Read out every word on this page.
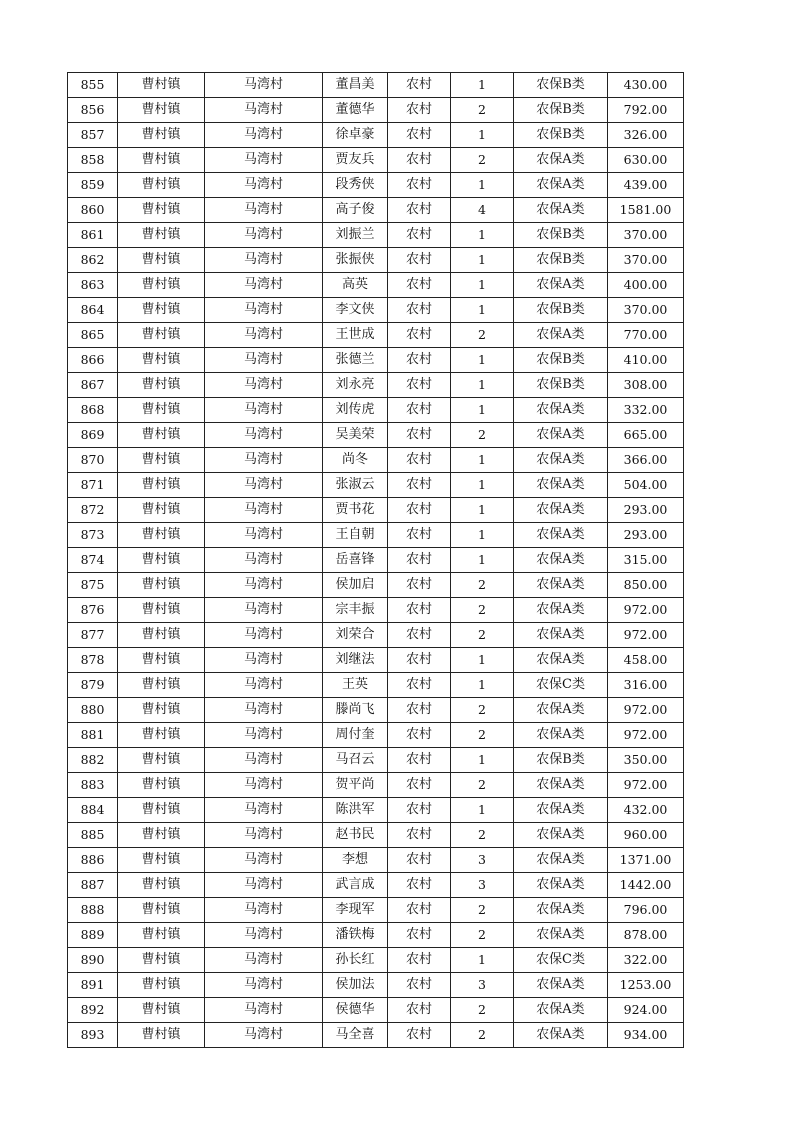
855	曹村镇	马湾村	董昌美	农村	1	农保B类	430.00
856	曹村镇	马湾村	董德华	农村	2	农保B类	792.00
857	曹村镇	马湾村	徐卓豪	农村	1	农保B类	326.00
858	曹村镇	马湾村	贾友兵	农村	2	农保A类	630.00
859	曹村镇	马湾村	段秀侠	农村	1	农保A类	439.00
860	曹村镇	马湾村	高子俊	农村	4	农保A类	1581.00
861	曹村镇	马湾村	刘振兰	农村	1	农保B类	370.00
862	曹村镇	马湾村	张振侠	农村	1	农保B类	370.00
863	曹村镇	马湾村	高英	农村	1	农保A类	400.00
864	曹村镇	马湾村	李文侠	农村	1	农保B类	370.00
865	曹村镇	马湾村	王世成	农村	2	农保A类	770.00
866	曹村镇	马湾村	张德兰	农村	1	农保B类	410.00
867	曹村镇	马湾村	刘永亮	农村	1	农保B类	308.00
868	曹村镇	马湾村	刘传虎	农村	1	农保A类	332.00
869	曹村镇	马湾村	吴美荣	农村	2	农保A类	665.00
870	曹村镇	马湾村	尚冬	农村	1	农保A类	366.00
871	曹村镇	马湾村	张淑云	农村	1	农保A类	504.00
872	曹村镇	马湾村	贾书花	农村	1	农保A类	293.00
873	曹村镇	马湾村	王自朝	农村	1	农保A类	293.00
874	曹村镇	马湾村	岳喜锋	农村	1	农保A类	315.00
875	曹村镇	马湾村	侯加启	农村	2	农保A类	850.00
876	曹村镇	马湾村	宗丰振	农村	2	农保A类	972.00
877	曹村镇	马湾村	刘荣合	农村	2	农保A类	972.00
878	曹村镇	马湾村	刘继法	农村	1	农保A类	458.00
879	曹村镇	马湾村	王英	农村	1	农保C类	316.00
880	曹村镇	马湾村	滕尚飞	农村	2	农保A类	972.00
881	曹村镇	马湾村	周付奎	农村	2	农保A类	972.00
882	曹村镇	马湾村	马召云	农村	1	农保B类	350.00
883	曹村镇	马湾村	贺平尚	农村	2	农保A类	972.00
884	曹村镇	马湾村	陈洪军	农村	1	农保A类	432.00
885	曹村镇	马湾村	赵书民	农村	2	农保A类	960.00
886	曹村镇	马湾村	李想	农村	3	农保A类	1371.00
887	曹村镇	马湾村	武言成	农村	3	农保A类	1442.00
888	曹村镇	马湾村	李现军	农村	2	农保A类	796.00
889	曹村镇	马湾村	潘铁梅	农村	2	农保A类	878.00
890	曹村镇	马湾村	孙长红	农村	1	农保C类	322.00
891	曹村镇	马湾村	侯加法	农村	3	农保A类	1253.00
892	曹村镇	马湾村	侯德华	农村	2	农保A类	924.00
893	曹村镇	马湾村	马全喜	农村	2	农保A类	934.00
